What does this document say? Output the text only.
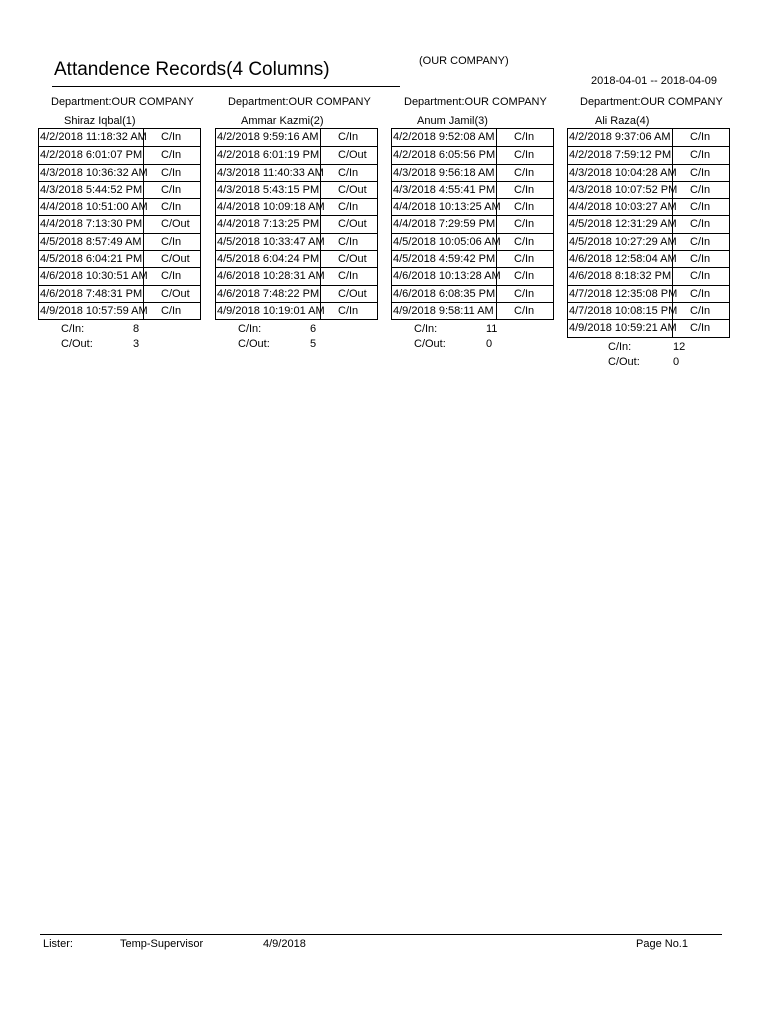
Attandence Records(4 Columns)	(OUR COMPANY)
2018-04-01 -- 2018-04-09
Department:OUR COMPANY
Shiraz Iqbal(1)
4/2/2018 11:18:32 AM C/In
4/2/2018 6:01:07 PM C/In
4/3/2018 10:36:32 AM C/In
4/3/2018 5:44:52 PM C/In
4/4/2018 10:51:00 AM C/In
4/4/2018 7:13:30 PM C/Out
4/5/2018 8:57:49 AM C/In
4/5/2018 6:04:21 PM C/Out
4/6/2018 10:30:51 AM C/In
4/6/2018 7:48:31 PM C/Out
4/9/2018 10:57:59 AM C/In
C/In:	8
C/Out:	3
Department:OUR COMPANY
Ammar Kazmi(2)
4/2/2018 9:59:16 AM C/In
4/2/2018 6:01:19 PM C/Out
4/3/2018 11:40:33 AM C/In
4/3/2018 5:43:15 PM C/Out
4/4/2018 10:09:18 AM C/In
4/4/2018 7:13:25 PM C/Out
4/5/2018 10:33:47 AM C/In
4/5/2018 6:04:24 PM C/Out
4/6/2018 10:28:31 AM C/In
4/6/2018 7:48:22 PM C/Out
4/9/2018 10:19:01 AM C/In
C/In:	6
C/Out:	5
Department:OUR COMPANY
Anum Jamil(3)
4/2/2018 9:52:08 AM C/In
4/2/2018 6:05:56 PM C/In
4/3/2018 9:56:18 AM C/In
4/3/2018 4:55:41 PM C/In
4/4/2018 10:13:25 AM C/In
4/4/2018 7:29:59 PM C/In
4/5/2018 10:05:06 AM C/In
4/5/2018 4:59:42 PM C/In
4/6/2018 10:13:28 AM C/In
4/6/2018 6:08:35 PM C/In
4/9/2018 9:58:11 AM C/In
C/In:	11
C/Out:	0
Department:OUR COMPANY
Ali Raza(4)
4/2/2018 9:37:06 AM C/In
4/2/2018 7:59:12 PM C/In
4/3/2018 10:04:28 AM C/In
4/3/2018 10:07:52 PM C/In
4/4/2018 10:03:27 AM C/In
4/5/2018 12:31:29 AM C/In
4/5/2018 10:27:29 AM C/In
4/6/2018 12:58:04 AM C/In
4/6/2018 8:18:32 PM C/In
4/7/2018 12:35:08 PM C/In
4/7/2018 10:08:15 PM C/In
4/9/2018 10:59:21 AM C/In
C/In:	12
C/Out:	0
Lister:	Temp-Supervisor	4/9/2018	Page No.1
